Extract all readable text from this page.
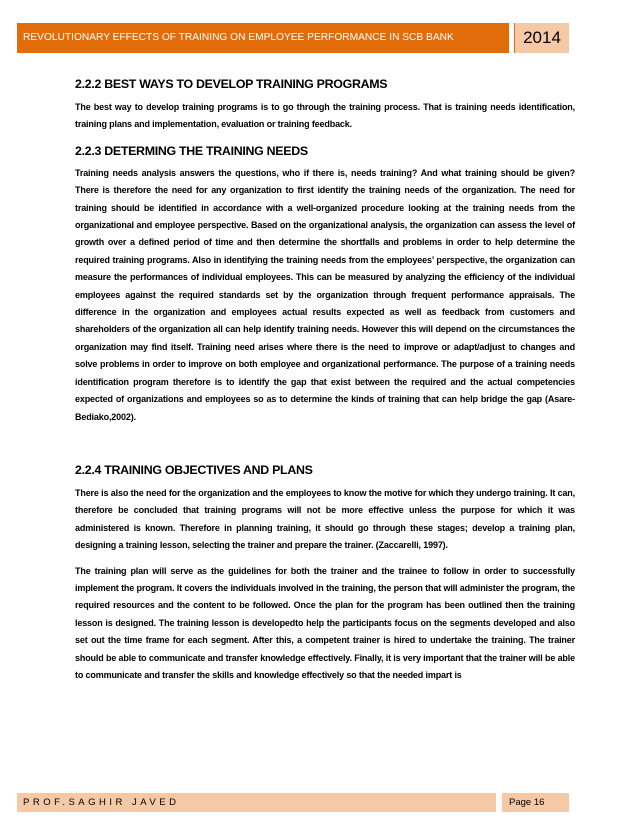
REVOLUTIONARY EFFECTS OF TRAINING ON EMPLOYEE PERFORMANCE IN SCB BANK	2014
2.2.2 BEST WAYS TO DEVELOP TRAINING PROGRAMS

The best way to develop training programs is to go through the training process. That is training needs identification, training plans and implementation, evaluation or training feedback.

2.2.3 DETERMING THE TRAINING NEEDS

Training needs analysis answers the questions, who if there is, needs training? And what training should be given? There is therefore the need for any organization to first identify the training needs of the organization. The need for training should be identified in accordance with a well-organized procedure looking at the training needs from the organizational and employee perspective. Based on the organizational analysis, the organization can assess the level of growth over a defined period of time and then determine the shortfalls and problems in order to help determine the required training programs. Also in identifying the training needs from the employees’ perspective, the organization can measure the performances of individual employees. This can be measured by analyzing the efficiency of the individual employees against the required standards set by the organization through frequent performance appraisals. The difference in the organization and employees actual results expected as well as feedback from customers and shareholders of the organization all can help identify training needs. However this will depend on the circumstances the organization may find itself. Training need arises where there is the need to improve or adapt/adjust to changes and solve problems in order to improve on both employee and organizational performance. The purpose of a training needs identification program therefore is to identify the gap that exist between the required and the actual competencies expected of organizations and employees so as to determine the kinds of training that can help bridge the gap (Asare-Bediako,2002).

2.2.4 TRAINING OBJECTIVES AND PLANS

There is also the need for the organization and the employees to know the motive for which they undergo training. It can, therefore be concluded that training programs will not be more effective unless the purpose for which it was administered is known. Therefore in planning training, it should go through these stages; develop a training plan, designing a training lesson, selecting the trainer and prepare the trainer. (Zaccarelli, 1997).

The training plan will serve as the guidelines for both the trainer and the trainee to follow in order to successfully implement the program. It covers the individuals involved in the training, the person that will administer the program, the required resources and the content to be followed. Once the plan for the program has been outlined then the training lesson is designed. The training lesson is developedto help the participants focus on the segments developed and also set out the time frame for each segment. After this, a competent trainer is hired to undertake the training. The trainer should be able to communicate and transfer knowledge effectively. Finally, it is very important that the trainer will be able to communicate and transfer the skills and knowledge effectively so that the needed impart is

PROF.SAGHIR JAVED	Page 16
